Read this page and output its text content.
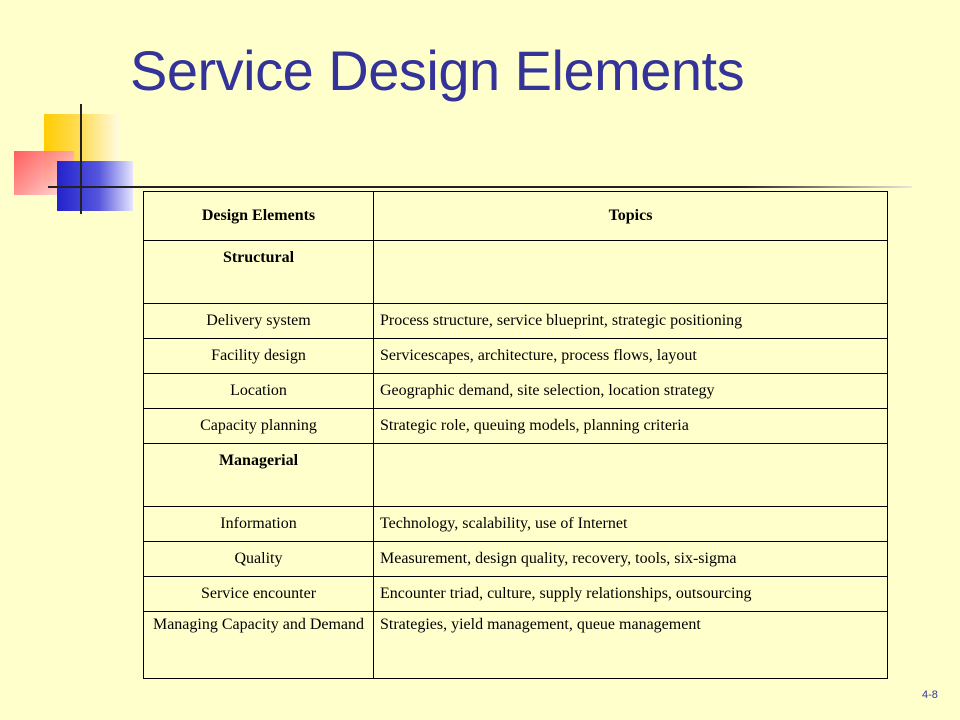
Service Design Elements
Design Elements	Topics
Structural	
Delivery system	Process structure, service blueprint, strategic positioning
Facility design	Servicescapes, architecture, process flows, layout
Location	Geographic demand, site selection, location strategy
Capacity planning	Strategic role, queuing models, planning criteria
Managerial	
Information	Technology, scalability, use of Internet
Quality	Measurement, design quality, recovery, tools, six-sigma
Service encounter	Encounter triad, culture, supply relationships, outsourcing
Managing Capacity and Demand	Strategies, yield management, queue management
4-8
